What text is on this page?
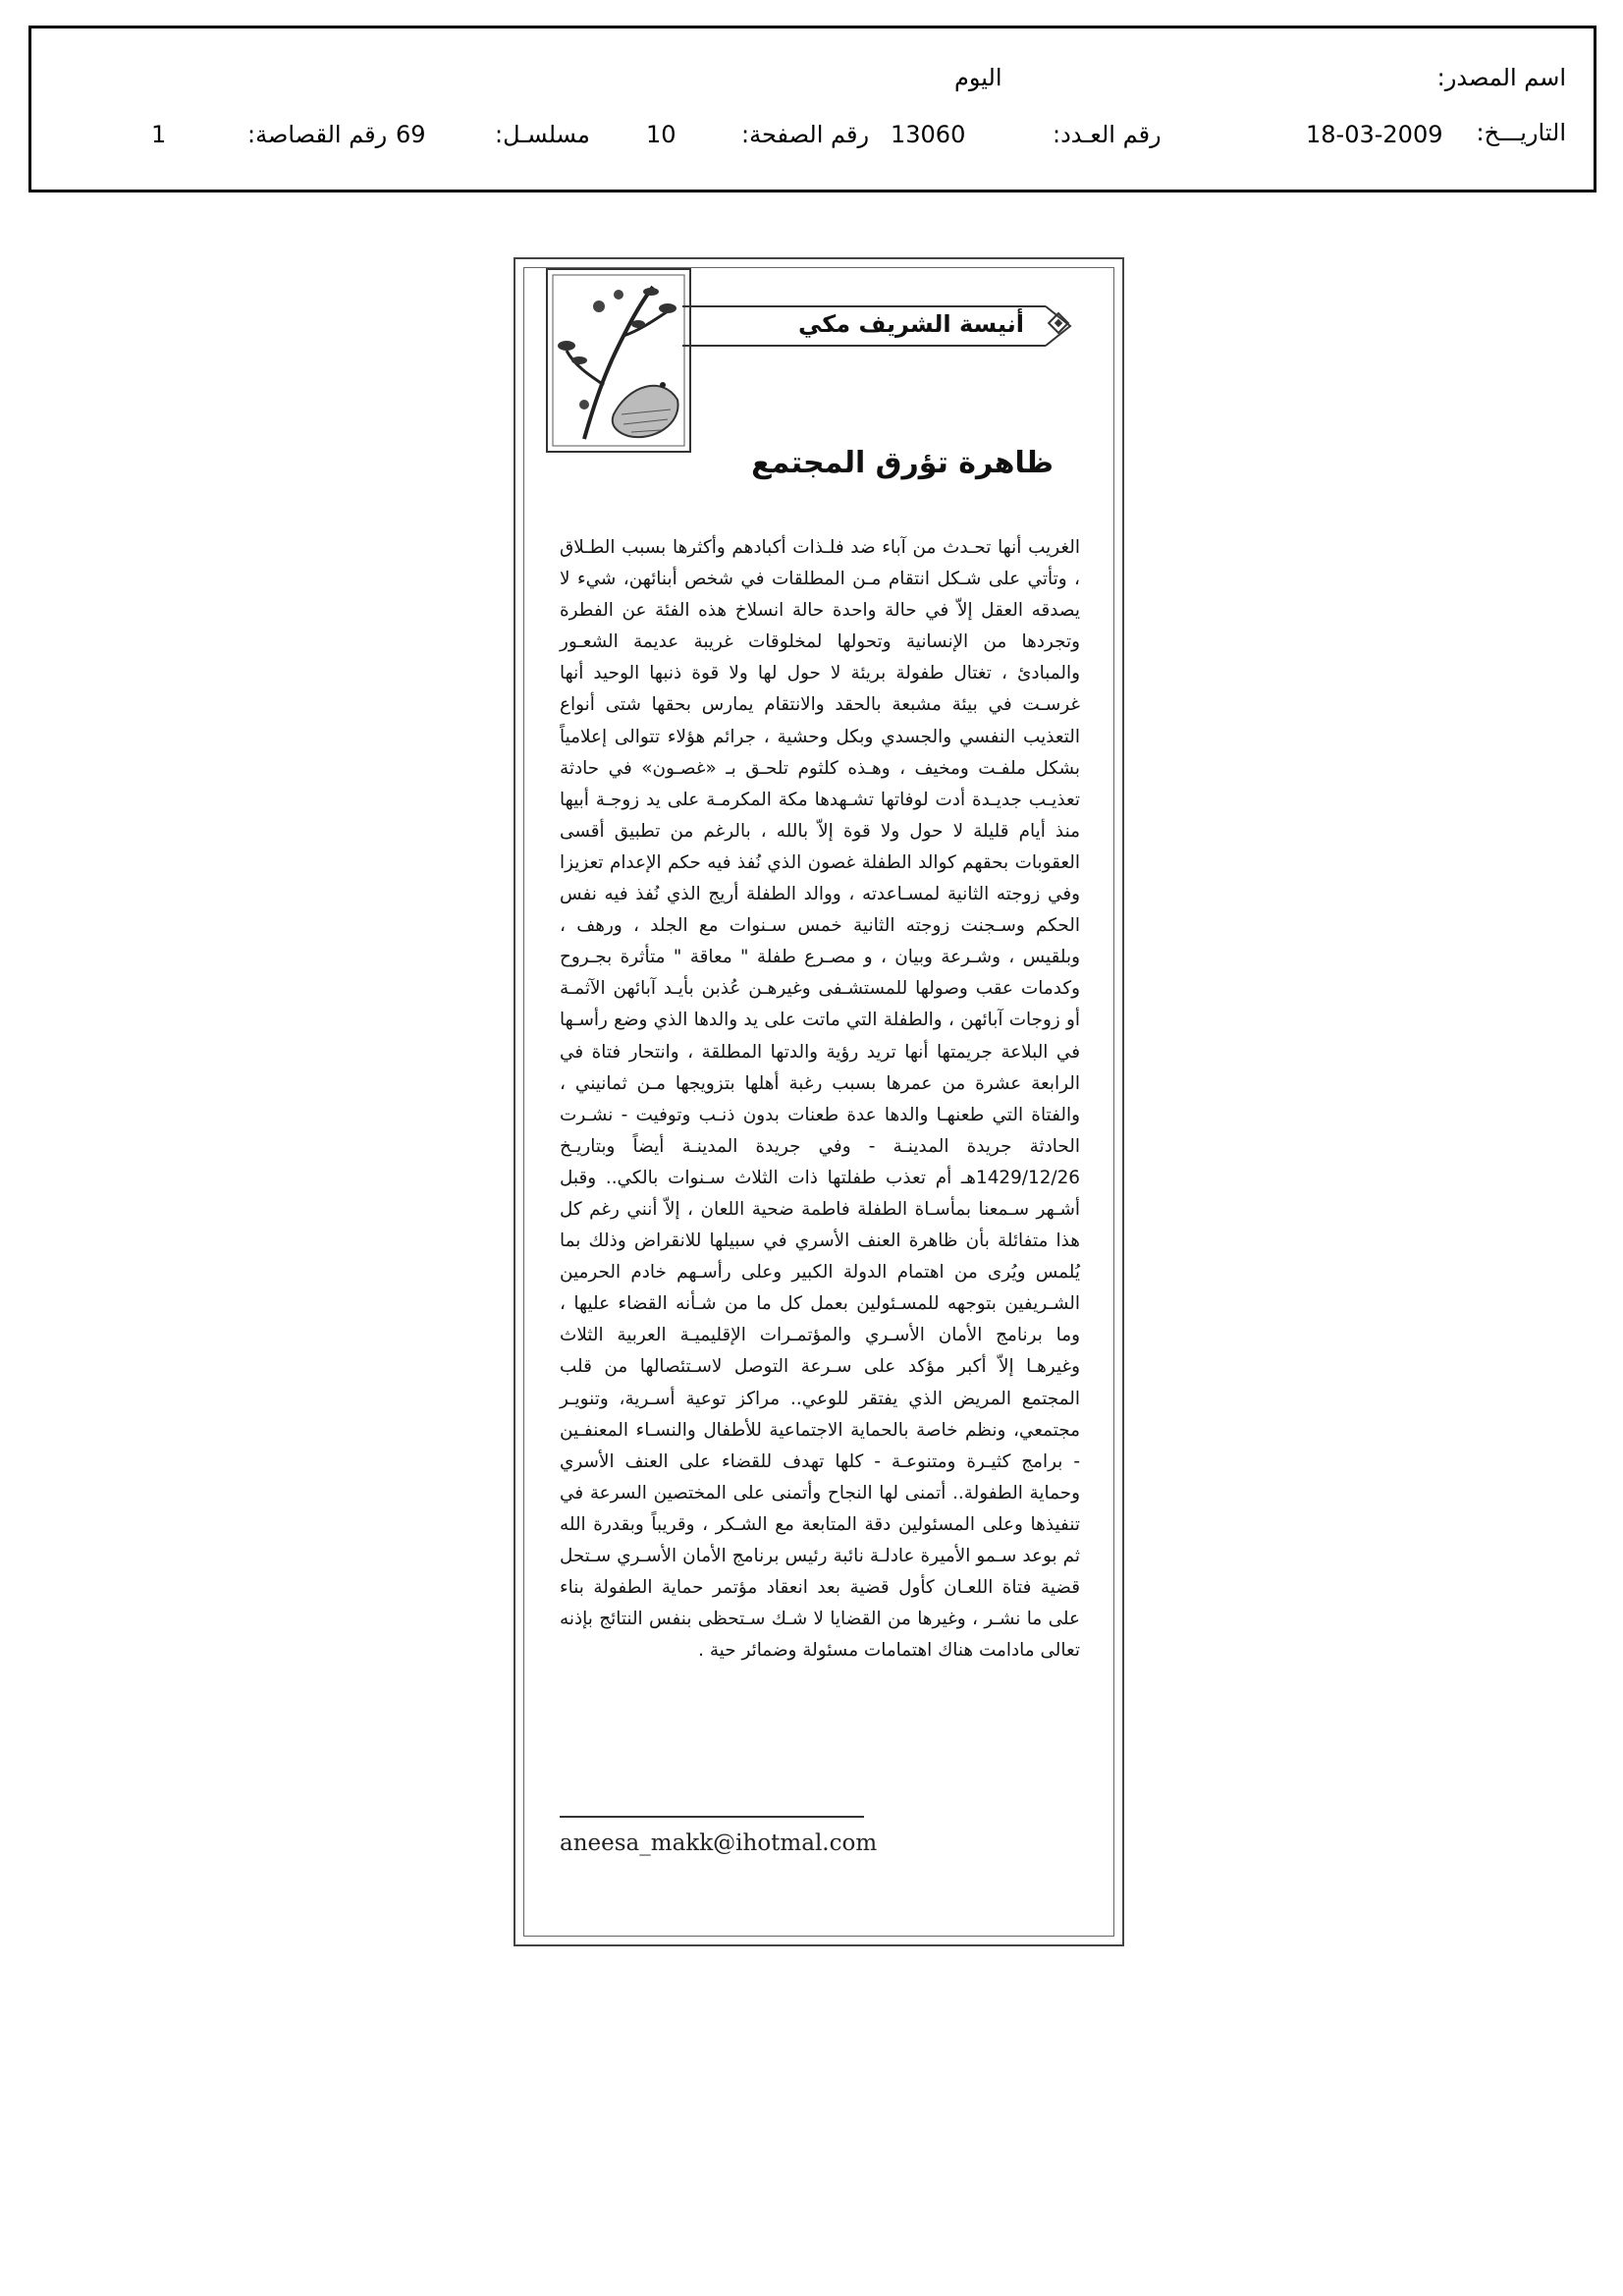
اسم المصدر:
اليوم
التاريـــخ:
18-03-2009
رقم العـدد:
13060
رقم الصفحة:
10
مسلسـل:
69
رقم القصاصة:
1
أنيسة الشريف مكي
ظاهرة تؤرق المجتمع
الغريب أنها تحـدث من آباء ضد فلـذات أكبادهم وأكثرها بسبب الطـلاق ، وتأتي على شـكل انتقام مـن المطلقات في شخص أبنائهن، شيء لا يصدقه العقل إلاّ في حالة واحدة حالة انسلاخ هذه الفئة عن الفطرة وتجردها من الإنسانية وتحولها لمخلوقات غريبة عديمة الشعـور والمبادئ ، تغتال طفولة بريئة لا حول لها ولا قوة ذنبها الوحيد أنها غرسـت في بيئة مشبعة بالحقد والانتقام يمارس بحقها شتى أنواع التعذيب النفسي والجسدي وبكل وحشية ، جرائم هؤلاء تتوالى إعلامياً بشكل ملفـت ومخيف ، وهـذه كلثوم تلحـق بـ «غصـون» في حادثة تعذيـب جديـدة أدت لوفاتها تشـهدها مكة المكرمـة على يد زوجـة أبيها منذ أيام قليلة لا حول ولا قوة إلاّ بالله ، بالرغم من تطبيق أقسى العقوبات بحقهم كوالد الطفلة غصون الذي نُفذ فيه حكم الإعدام تعزيزا وفي زوجته الثانية لمسـاعدته ، ووالد الطفلة أريج الذي نُفذ فيه نفس الحكم وسـجنت زوجته الثانية خمس سـنوات مع الجلد ، ورهف ، وبلقيس ، وشـرعة وبيان ، و مصـرع طفلة " معاقة " متأثرة بجـروح وكدمات عقب وصولها للمستشـفى وغيرهـن عُذبن بأيـد آبائهن الآثمـة أو زوجات آبائهن ، والطفلة التي ماتت على يد والدها الذي وضع رأسـها في البلاعة جريمتها أنها تريد رؤية والدتها المطلقة ، وانتحار فتاة في الرابعة عشرة من عمرها بسبب رغبة أهلها بتزويجها مـن ثمانيني ، والفتاة التي طعنهـا والدها عدة طعنات بدون ذنـب وتوفيت - نشـرت الحادثة جريدة المدينـة - وفي جريدة المدينـة أيضاً وبتاريـخ 1429/12/26هـ أم تعذب طفلتها ذات الثلاث سـنوات بالكي.. وقبل أشـهر سـمعنا بمأسـاة الطفلة فاطمة ضحية اللعان ، إلاّ أنني رغم كل هذا متفائلة بأن ظاهرة العنف الأسري في سبيلها للانقراض وذلك بما يُلمس ويُرى من اهتمام الدولة الكبير وعلى رأسـهم خادم الحرمين الشـريفين بتوجهه للمسـئولين بعمل كل ما من شـأنه القضاء عليها ، وما برنامج الأمان الأسـري والمؤتمـرات الإقليميـة العربية الثلاث وغيرهـا إلاّ أكبر مؤكد على سـرعة التوصل لاسـتئصالها من قلب المجتمع المريض الذي يفتقر للوعي.. مراكز توعية أسـرية، وتنويـر مجتمعي، ونظم خاصة بالحماية الاجتماعية للأطفال والنسـاء المعنفـين - برامج كثيـرة ومتنوعـة - كلها تهدف للقضاء على العنف الأسري وحماية الطفولة.. أتمنى لها النجاح وأتمنى على المختصين السرعة في تنفيذها وعلى المسئولين دقة المتابعة مع الشـكر ، وقريباً وبقدرة الله ثم بوعد سـمو الأميرة عادلـة نائبة رئيس برنامج الأمان الأسـري سـتحل قضية فتاة اللعـان كأول قضية بعد انعقاد مؤتمر حماية الطفولة بناء على ما نشـر ، وغيرها من القضايا لا شـك سـتحظى بنفس النتائج بإذنه تعالى مادامت هناك اهتمامات مسئولة وضمائر حية .
aneesa_makk@ihotmal.com
